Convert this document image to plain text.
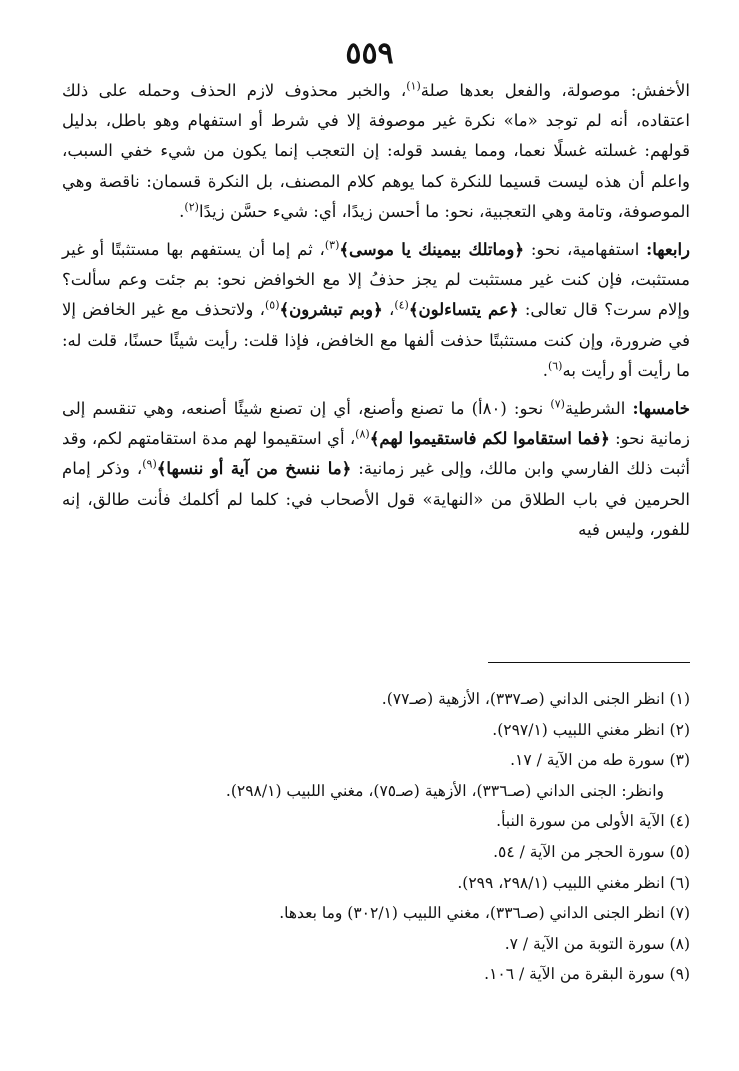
٥٥٩

الأخفش: موصولة، والفعل بعدها صلة$^{(١)}$، والخبر محذوف لازم الحذف وحمله على ذلك اعتقاده، أنه لم توجد «ما» نكرة غير موصوفة إلا في شرط أو استفهام وهو باطل، بدليل قولهم: غسلته غسلًا نعما، ومما يفسد قوله: إن التعجب إنما يكون من شيء خفي السبب، واعلم أن هذه ليست قسيما للنكرة كما يوهم كلام المصنف، بل النكرة قسمان: ناقصة وهي الموصوفة، وتامة وهي التعجبية، نحو: ما أحسن زيدًا، أي: شيء حسَّن زيدًا$^{(٢)}$.

رابعها: استفهامية، نحو: ﴿وماتلك بيمينك يا موسى﴾$^{(٣)}$، ثم إما أن يستفهم بها مستثبتًا أو غير مستثبت، فإن كنت غير مستثبت لم يجز حذفُ إلا مع الخوافض نحو: بم جئت وعم سألت؟ وإلام سرت؟ قال تعالى: ﴿عم يتساءلون﴾$^{(٤)}$، ﴿وبم تبشرون﴾$^{(٥)}$، ولاتحذف مع غير الخافض إلا في ضرورة، وإن كنت مستثبتًا حذفت ألفها مع الخافض، فإذا قلت: رأيت شيئًا حسنًا، قلت له: ما رأيت أو رأيت به$^{(٦)}$.

خامسها: الشرطية$^{(٧)}$ نحو: (٨٠أ) ما تصنع وأصنع، أي إن تصنع شيئًا أصنعه، وهي تنقسم إلى زمانية نحو: ﴿فما استقاموا لكم فاستقيموا لهم﴾$^{(٨)}$، أي استقيموا لهم مدة استقامتهم لكم، وقد أثبت ذلك الفارسي وابن مالك، وإلى غير زمانية: ﴿ما ننسخ من آية أو ننسها﴾$^{(٩)}$، وذكر إمام الحرمين في باب الطلاق من «النهاية» قول الأصحاب في: كلما لم أكلمك فأنت طالق، إنه للفور، وليس فيه

(١) انظر الجنى الداني (صـ٣٣٧)، الأزهية (صـ٧٧).
(٢) انظر مغني اللبيب (٢٩٧/١).
(٣) سورة طه من الآية / ١٧.
وانظر: الجنى الداني (صـ٣٣٦)، الأزهية (صـ٧٥)، مغني اللبيب (٢٩٨/١).
(٤) الآية الأولى من سورة النبأ.
(٥) سورة الحجر من الآية / ٥٤.
(٦) انظر مغني اللبيب (٢٩٨/١، ٢٩٩).
(٧) انظر الجنى الداني (صـ٣٣٦)، مغني اللبيب (٣٠٢/١) وما بعدها.
(٨) سورة التوبة من الآية / ٧.
(٩) سورة البقرة من الآية / ١٠٦.
